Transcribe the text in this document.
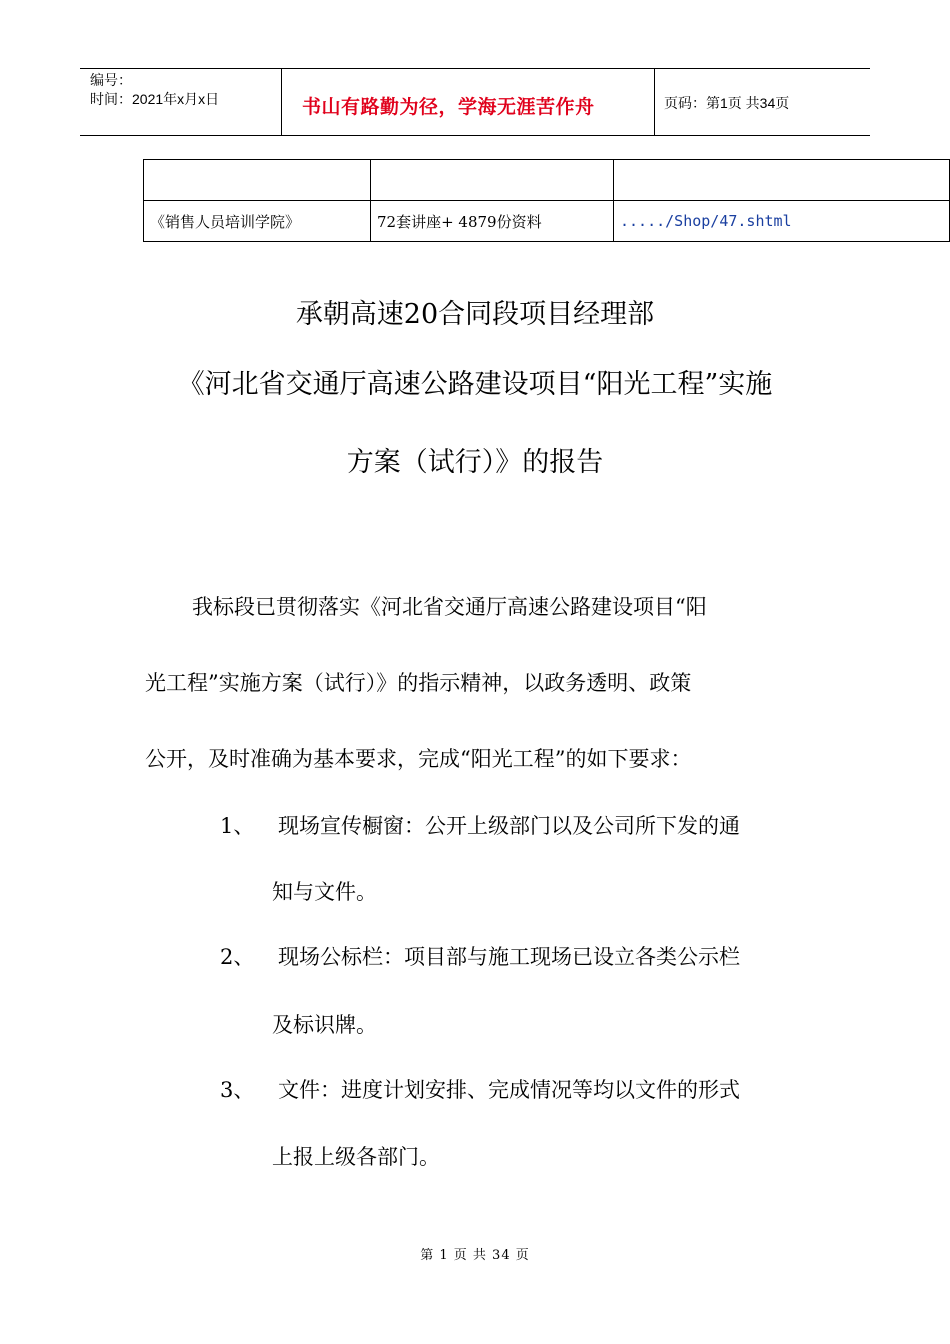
编号：
时间：2021年x月x日	书山有路勤为径，学海无涯苦作舟	页码：第1页 共34页

《销售人员培训学院》	72套讲座+ 4879份资料	...../Shop/47.shtml
承朝高速20合同段项目经理部
《河北省交通厅高速公路建设项目“阳光工程”实施
方案（试行）》的报告
我标段已贯彻落实《河北省交通厅高速公路建设项目“阳
光工程”实施方案（试行）》的指示精神，以政务透明、政策
公开，及时准确为基本要求，完成“阳光工程”的如下要求：
1、 现场宣传橱窗：公开上级部门以及公司所下发的通
知与文件。
2、 现场公标栏：项目部与施工现场已设立各类公示栏
及标识牌。
3、 文件：进度计划安排、完成情况等均以文件的形式
上报上级各部门。
第 1 页 共 34 页
